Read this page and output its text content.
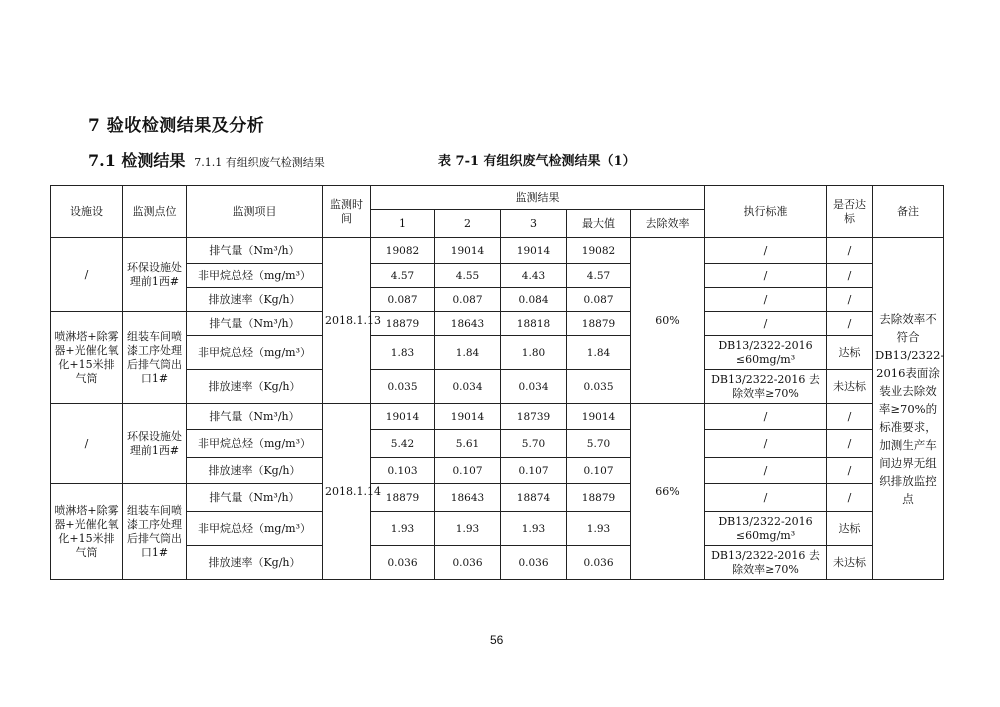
7 验收检测结果及分析
7.1 检测结果 7.1.1 有组织废气检测结果	表 7-1 有组织废气检测结果（1）
设施设	监测点位	监测项目	监测时间	监测结果					执行标准	是否达标	备注
				1	2	3	最大值	去除效率			
/	环保设施处理前1西#	排气量（Nm³/h）	2018.1.13	19082	19014	19014	19082	60%	/	/	去除效率不符合DB13/2322-2016表面涂装业去除效率≥70%的标准要求，加测生产车间边界无组织排放监控点
		非甲烷总烃（mg/m³）		4.57	4.55	4.43	4.57		/	/	
		排放速率（Kg/h）		0.087	0.087	0.084	0.087		/	/	
喷淋塔+除雾器+光催化氧化+15米排气筒	组装车间喷漆工序处理后排气筒出口1#	排气量（Nm³/h）		18879	18643	18818	18879		/	/	
		非甲烷总烃（mg/m³）		1.83	1.84	1.80	1.84		DB13/2322-2016 ≤60mg/m³	达标	
		排放速率（Kg/h）		0.035	0.034	0.034	0.035		DB13/2322-2016 去除效率≥70%	未达标	
/	环保设施处理前1西#	排气量（Nm³/h）	2018.1.14	19014	19014	18739	19014	66%	/	/	
		非甲烷总烃（mg/m³）		5.42	5.61	5.70	5.70		/	/	
		排放速率（Kg/h）		0.103	0.107	0.107	0.107		/	/	
喷淋塔+除雾器+光催化氧化+15米排气筒	组装车间喷漆工序处理后排气筒出口1#	排气量（Nm³/h）		18879	18643	18874	18879		/	/	
		非甲烷总烃（mg/m³）		1.93	1.93	1.93	1.93		DB13/2322-2016 ≤60mg/m³	达标	
		排放速率（Kg/h）		0.036	0.036	0.036	0.036		DB13/2322-2016 去除效率≥70%	未达标	
56
